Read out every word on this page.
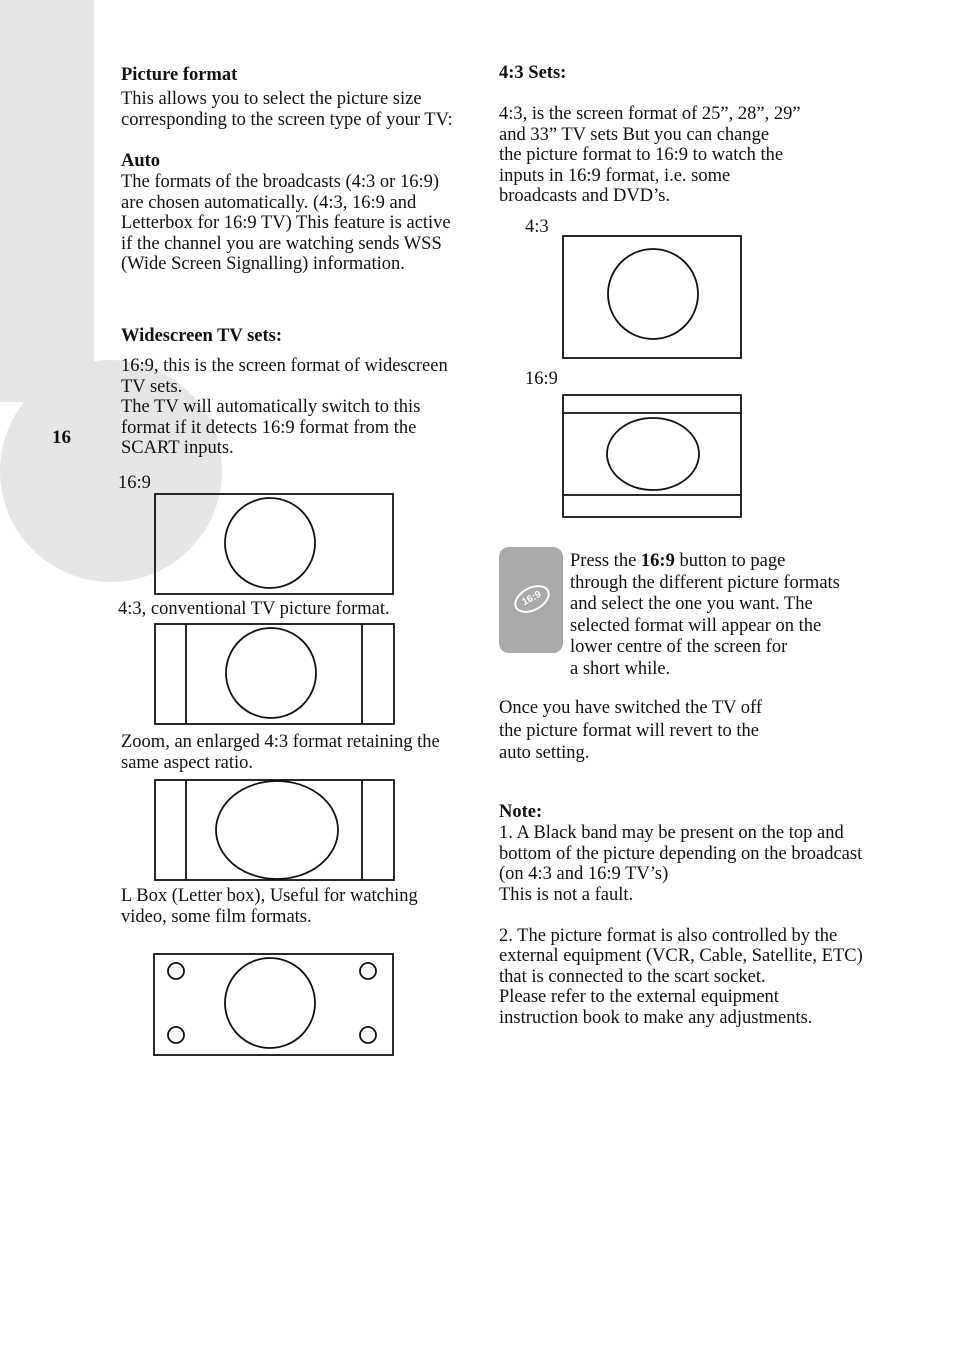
16
Picture format
This allows you to select the picture size
corresponding to the screen type of your TV:
Auto
The formats of the broadcasts (4:3 or 16:9)
are chosen automatically. (4:3, 16:9 and
Letterbox for 16:9 TV) This feature is active
if the channel you are watching sends WSS
(Wide Screen Signalling) information.
Widescreen TV sets:
16:9, this is the screen format of widescreen
TV sets.
The TV will automatically switch to this
format if it detects 16:9 format from the
SCART inputs.
16:9
4:3, conventional TV picture format.
Zoom, an enlarged 4:3 format retaining the
same aspect ratio.
L Box (Letter box), Useful for watching
video, some film formats.
4:3 Sets:
4:3, is the screen format of 25”, 28”, 29”
and 33” TV sets But you can change
the picture format to 16:9 to watch the
inputs in 16:9 format, i.e. some
broadcasts and DVD’s.
4:3
16:9
16:9
Press the 16:9 button to page
through the different picture formats
and select the one you want. The
selected format will appear on the
lower centre of the screen for
a short while.
Once you have switched the TV off
the picture format will revert to the
auto setting.
Note:
1. A Black band may be present on the top and
bottom of the picture depending on the broadcast
(on 4:3 and 16:9 TV’s)
This is not a fault.

2. The picture format is also controlled by the
external equipment (VCR, Cable, Satellite, ETC)
that is connected to the scart socket.
Please refer to the external equipment
instruction book to make any adjustments.
